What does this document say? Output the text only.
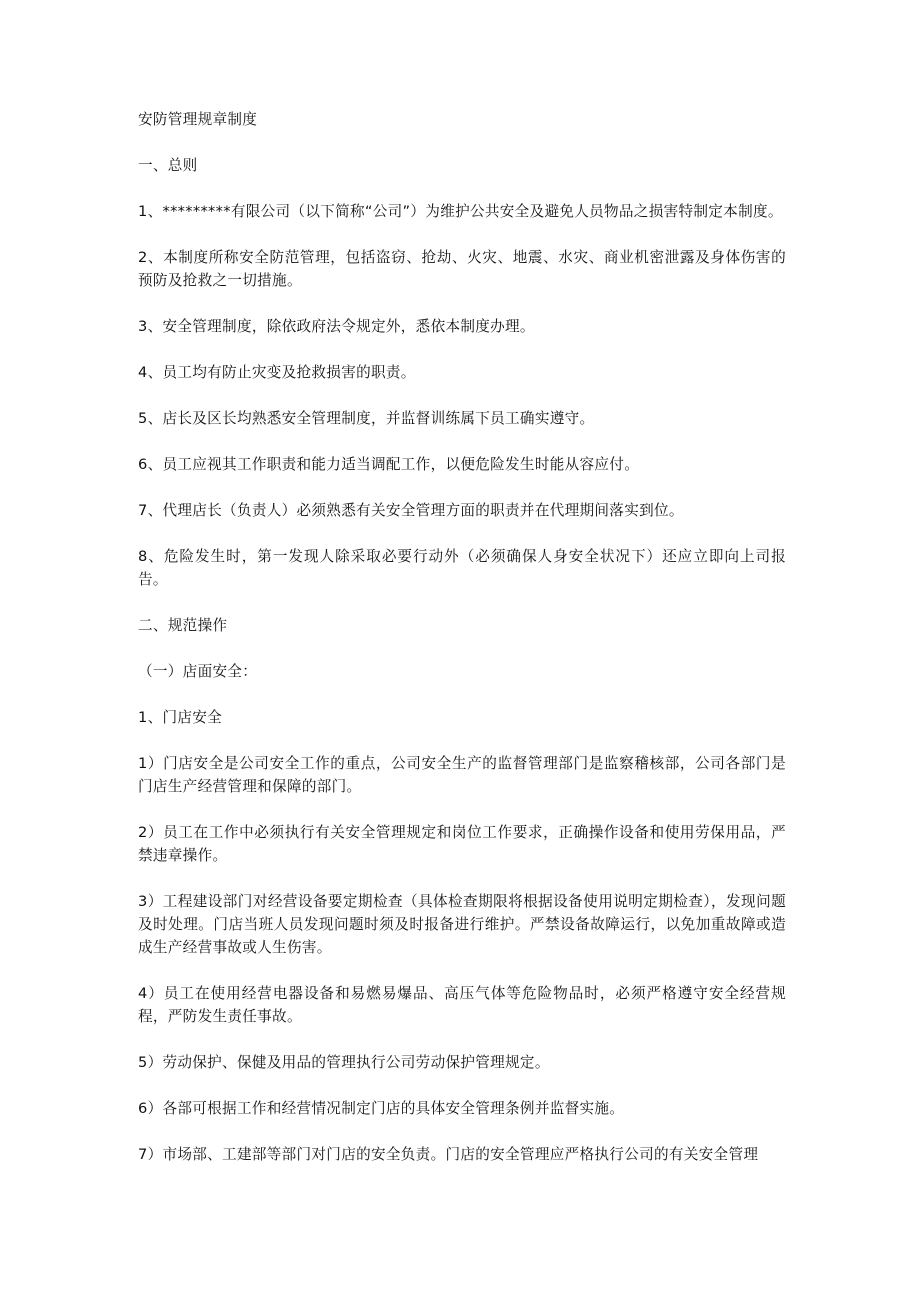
安防管理规章制度

一、总则

1、*********有限公司（以下简称“公司”）为维护公共安全及避免人员物品之损害特制定本制度。

2、本制度所称安全防范管理，包括盗窃、抢劫、火灾、地震、水灾、商业机密泄露及身体伤害的预防及抢救之一切措施。

3、安全管理制度，除依政府法令规定外，悉依本制度办理。

4、员工均有防止灾变及抢救损害的职责。

5、店长及区长均熟悉安全管理制度，并监督训练属下员工确实遵守。

6、员工应视其工作职责和能力适当调配工作，以便危险发生时能从容应付。

7、代理店长（负责人）必须熟悉有关安全管理方面的职责并在代理期间落实到位。

8、危险发生时，第一发现人除采取必要行动外（必须确保人身安全状况下）还应立即向上司报告。

二、规范操作

（一）店面安全：

1、门店安全

1）门店安全是公司安全工作的重点，公司安全生产的监督管理部门是监察稽核部，公司各部门是门店生产经营管理和保障的部门。

2）员工在工作中必须执行有关安全管理规定和岗位工作要求，正确操作设备和使用劳保用品，严禁违章操作。

3）工程建设部门对经营设备要定期检查（具体检查期限将根据设备使用说明定期检查），发现问题及时处理。门店当班人员发现问题时须及时报备进行维护。严禁设备故障运行，以免加重故障或造成生产经营事故或人生伤害。

4）员工在使用经营电器设备和易燃易爆品、高压气体等危险物品时，必须严格遵守安全经营规程，严防发生责任事故。

5）劳动保护、保健及用品的管理执行公司劳动保护管理规定。

6）各部可根据工作和经营情况制定门店的具体安全管理条例并监督实施。

7）市场部、工建部等部门对门店的安全负责。门店的安全管理应严格执行公司的有关安全管理
